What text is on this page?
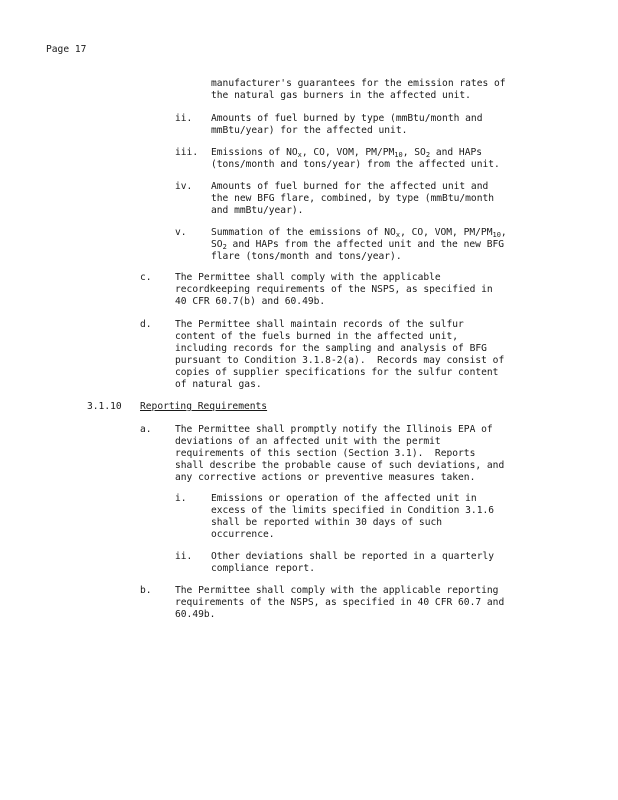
Page 17
manufacturer's guarantees for the emission rates of
the natural gas burners in the affected unit.
ii. Amounts of fuel burned by type (mmBtu/month and
mmBtu/year) for the affected unit.
iii. Emissions of $NO_x$, CO, VOM, $PM/PM_{10}$, $SO_2$ and HAPs
(tons/month and tons/year) from the affected unit.
iv. Amounts of fuel burned for the affected unit and
the new BFG flare, combined, by type (mmBtu/month
and mmBtu/year).
v.	Summation of the emissions of $NO_x$, CO, VOM, $PM/PM_{10}$,
$SO_2$ and HAPs from the affected unit and the new BFG
flare (tons/month and tons/year).
c. The Permittee shall comply with the applicable
recordkeeping requirements of the NSPS, as specified in
40 CFR 60.7(b) and 60.49b.
d. The Permittee shall maintain records of the sulfur
content of the fuels burned in the affected unit,
including records for the sampling and analysis of BFG
pursuant to Condition 3.1.8-2(a).  Records may consist of
copies of supplier specifications for the sulfur content
of natural gas.
3.1.10 Reporting Requirements
a. The Permittee shall promptly notify the Illinois EPA of
deviations of an affected unit with the permit
requirements of this section (Section 3.1).  Reports
shall describe the probable cause of such deviations, and
any corrective actions or preventive measures taken.
i.	Emissions or operation of the affected unit in
excess of the limits specified in Condition 3.1.6
shall be reported within 30 days of such
occurrence.
ii. Other deviations shall be reported in a quarterly
compliance report.
b. The Permittee shall comply with the applicable reporting
requirements of the NSPS, as specified in 40 CFR 60.7 and
60.49b.
